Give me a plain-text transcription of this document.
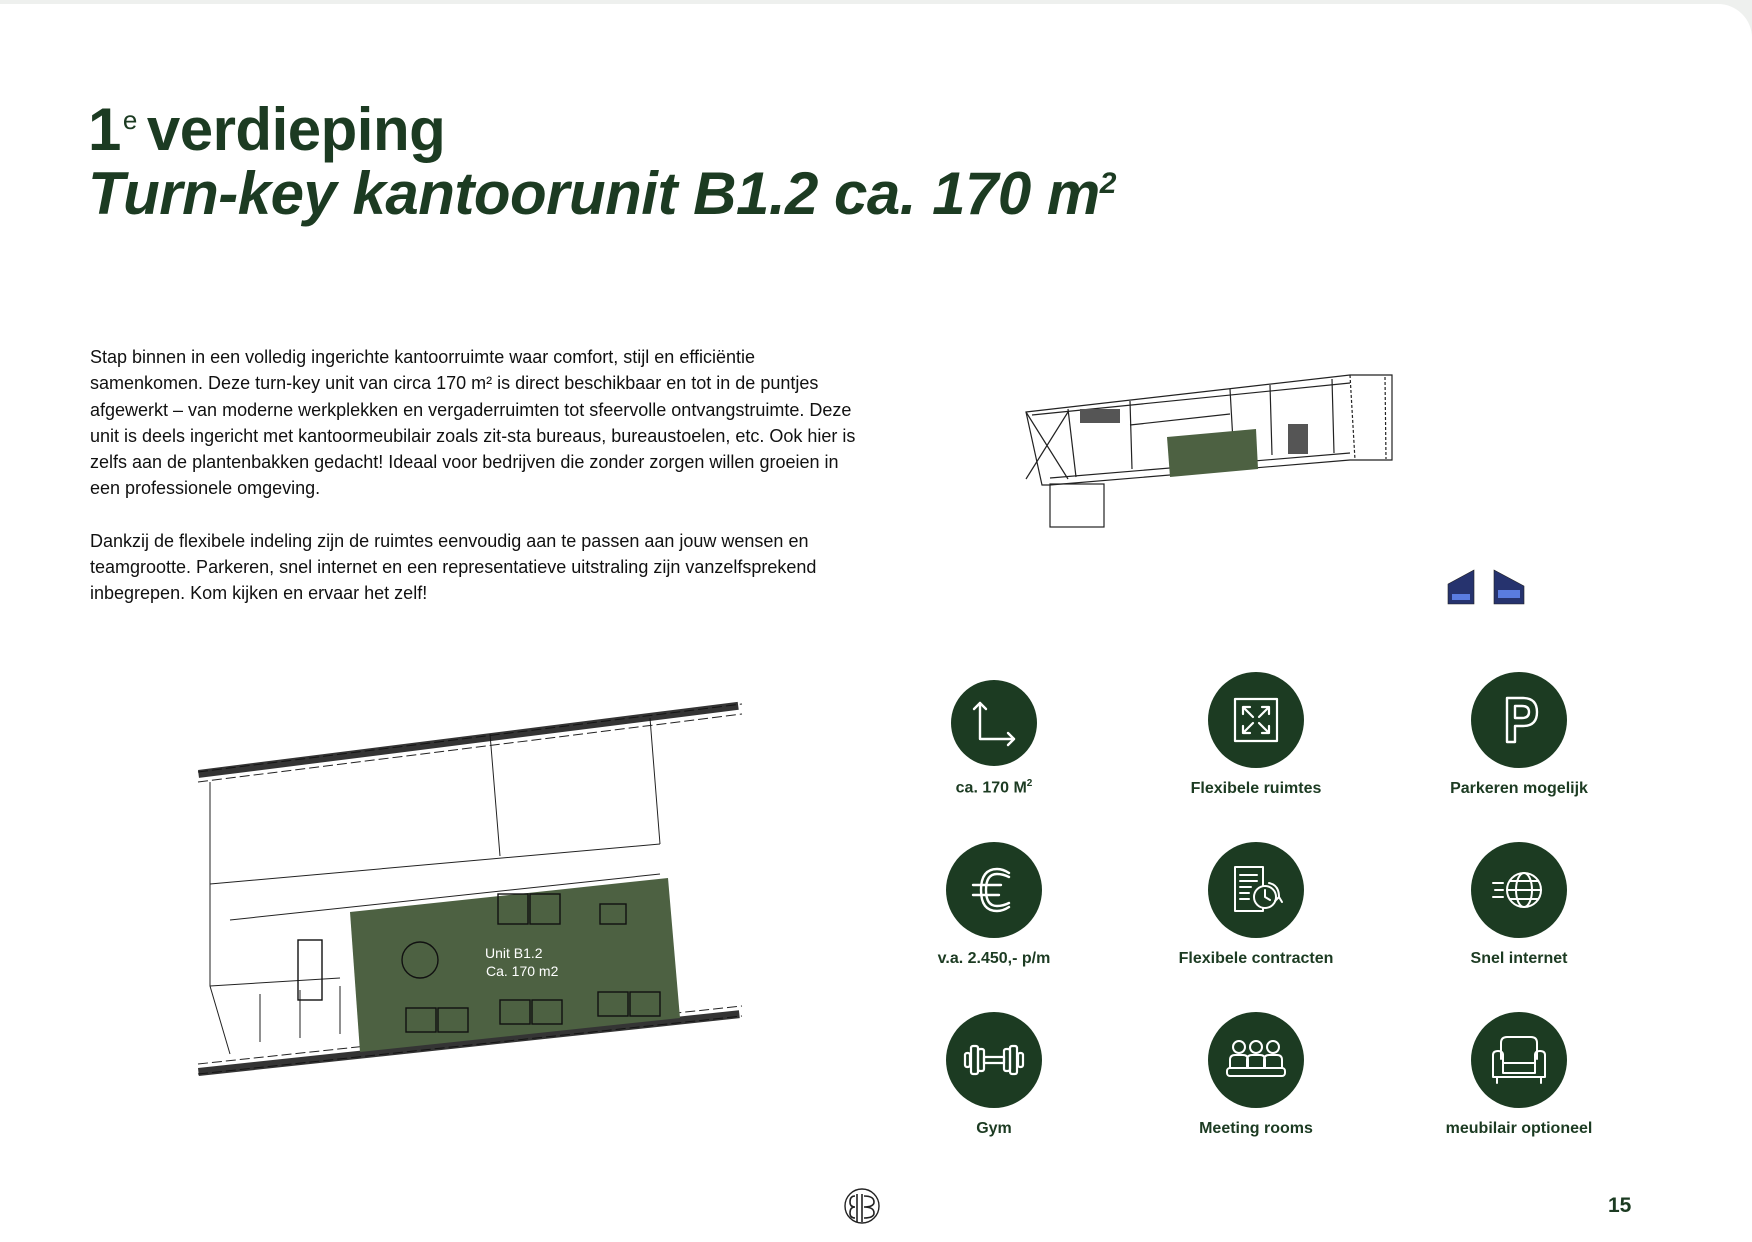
1e verdieping
Turn-key kantoorunit B1.2 ca. 170 $m^2$

Stap binnen in een volledig ingerichte kantoorruimte waar comfort, stijl en efficiëntie samenkomen. Deze turn-key unit van circa 170 m² is direct beschikbaar en tot in de puntjes afgewerkt – van moderne werkplekken en vergaderruimten tot sfeervolle ontvangstruimte. Deze unit is deels ingericht met kantoormeubilair zoals zit-sta bureaus, bureaustoelen, etc. Ook hier is zelfs aan de plantenbakken gedacht! Ideaal voor bedrijven die zonder zorgen willen groeien in een professionele omgeving.

Dankzij de flexibele indeling zijn de ruimtes eenvoudig aan te passen aan jouw wensen en teamgrootte. Parkeren, snel internet en een representatieve uitstraling zijn vanzelfsprekend inbegrepen. Kom kijken en ervaar het zelf!

Unit B1.2
Ca. 170 m2
ca. 170 $M^2$	Flexibele ruimtes	Parkeren mogelijk
v.a. 2.450,- p/m	Flexibele contracten	Snel internet
Gym	Meeting rooms	meubilair optioneel
15
